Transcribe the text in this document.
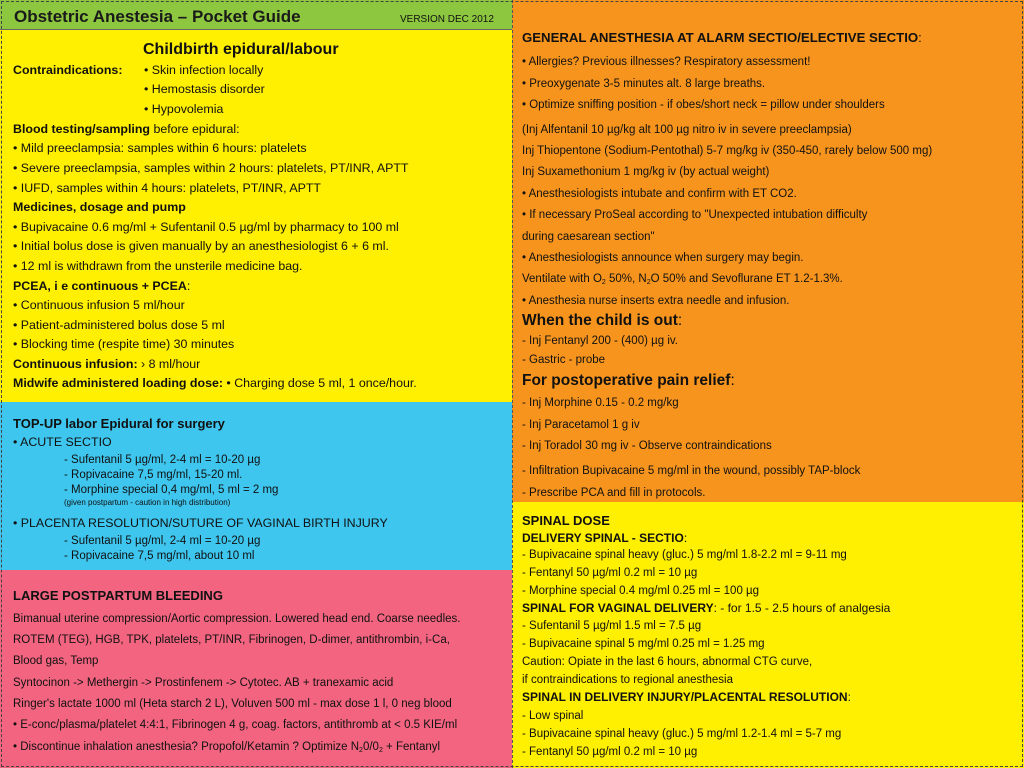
Obstetric Anestesia – Pocket Guide	VERSION DEC 2012
Childbirth epidural/labour
Contraindications: • Skin infection locally
• Hemostasis disorder
• Hypovolemia
Blood testing/sampling before epidural:
• Mild preeclampsia: samples within 6 hours: platelets
• Severe preeclampsia, samples within 2 hours: platelets, PT/INR, APTT
• IUFD, samples within 4 hours: platelets, PT/INR, APTT
Medicines, dosage and pump
• Bupivacaine 0.6 mg/ml + Sufentanil 0.5 µg/ml by pharmacy to 100 ml
• Initial bolus dose is given manually by an anesthesiologist 6 + 6 ml.
• 12 ml is withdrawn from the unsterile medicine bag.
PCEA, i e continuous + PCEA:
• Continuous infusion 5 ml/hour
• Patient-administered bolus dose 5 ml
• Blocking time (respite time) 30 minutes
Continuous infusion: › 8 ml/hour
Midwife administered loading dose: • Charging dose 5 ml, 1 once/hour.
TOP-UP labor Epidural for surgery
• ACUTE SECTIO
- Sufentanil 5 µg/ml, 2-4 ml = 10-20 µg
- Ropivacaine 7,5 mg/ml, 15-20 ml.
- Morphine special 0,4 mg/ml, 5 ml = 2 mg
(given postpartum - caution in high distribution)
• PLACENTA RESOLUTION/SUTURE OF VAGINAL BIRTH INJURY
- Sufentanil 5 µg/ml, 2-4 ml = 10-20 µg
- Ropivacaine 7,5 mg/ml, about 10 ml
LARGE POSTPARTUM BLEEDING
Bimanual uterine compression/Aortic compression. Lowered head end. Coarse needles.
ROTEM (TEG), HGB, TPK, platelets, PT/INR, Fibrinogen, D-dimer, antithrombin, i-Ca,
Blood gas, Temp
Syntocinon -> Methergin -> Prostinfenem -> Cytotec. AB + tranexamic acid
Ringer's lactate 1000 ml (Heta starch 2 L), Voluven 500 ml - max dose 1 l, 0 neg blood
• E-conc/plasma/platelet 4:4:1, Fibrinogen 4 g, coag. factors, antithromb at < 0.5 KIE/ml
• Discontinue inhalation anesthesia? Propofol/Ketamin ? Optimize $N_20/0_2$ + Fentanyl
GENERAL ANESTHESIA AT ALARM SECTIO/ELECTIVE SECTIO:
• Allergies? Previous illnesses? Respiratory assessment!
• Preoxygenate 3-5 minutes alt. 8 large breaths.
• Optimize sniffing position - if obes/short neck = pillow under shoulders
(Inj Alfentanil 10 µg/kg alt 100 µg nitro iv in severe preeclampsia)
Inj Thiopentone (Sodium-Pentothal) 5-7 mg/kg iv (350-450, rarely below 500 mg)
Inj Suxamethonium 1 mg/kg iv (by actual weight)
• Anesthesiologists intubate and confirm with ET CO2.
• If necessary ProSeal according to "Unexpected intubation difficulty
during caesarean section"
• Anesthesiologists announce when surgery may begin.
Ventilate with $O_2$ 50%, $N_2O$ 50% and Sevoflurane ET 1.2-1.3%.
• Anesthesia nurse inserts extra needle and infusion.
When the child is out:
- Inj Fentanyl 200 - (400) µg iv.
- Gastric - probe
For postoperative pain relief:
- Inj Morphine 0.15 - 0.2 mg/kg
- Inj Paracetamol 1 g iv
- Inj Toradol 30 mg iv - Observe contraindications
- Infiltration Bupivacaine 5 mg/ml in the wound, possibly TAP-block
- Prescribe PCA and fill in protocols.
SPINAL DOSE
DELIVERY SPINAL - SECTIO:
- Bupivacaine spinal heavy (gluc.) 5 mg/ml 1.8-2.2 ml = 9-11 mg
- Fentanyl 50 µg/ml 0.2 ml = 10 µg
- Morphine special 0.4 mg/ml 0.25 ml = 100 µg
SPINAL FOR VAGINAL DELIVERY: - for 1.5 - 2.5 hours of analgesia
- Sufentanil 5 µg/ml 1.5 ml = 7.5 µg
- Bupivacaine spinal 5 mg/ml 0.25 ml = 1.25 mg
Caution: Opiate in the last 6 hours, abnormal CTG curve,
if contraindications to regional anesthesia
SPINAL IN DELIVERY INJURY/PLACENTAL RESOLUTION:
- Low spinal
- Bupivacaine spinal heavy (gluc.) 5 mg/ml 1.2-1.4 ml = 5-7 mg
- Fentanyl 50 µg/ml 0.2 ml = 10 µg
